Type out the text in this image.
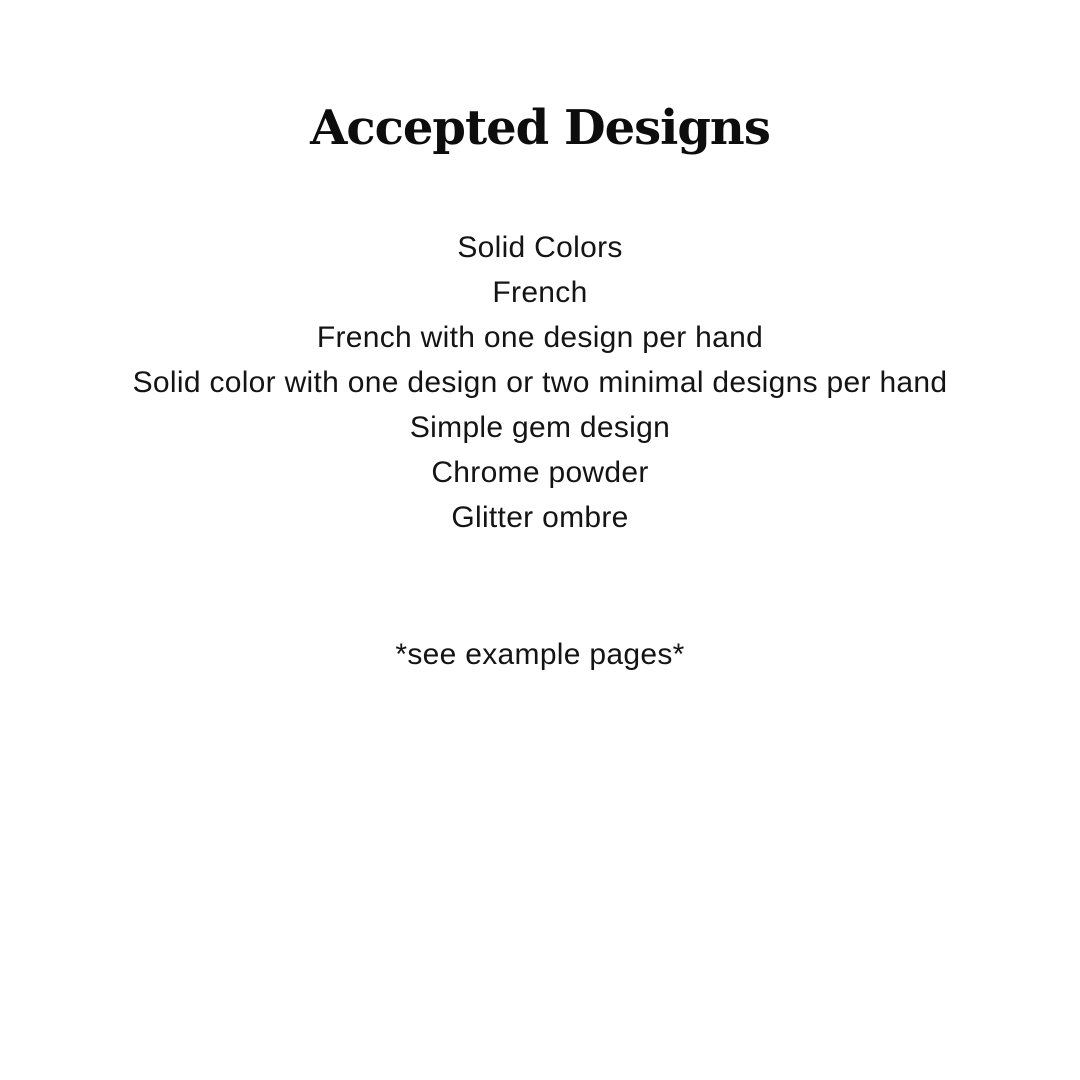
Accepted Designs
Solid Colors
French
French with one design per hand
Solid color with one design or two minimal designs per hand
Simple gem design
Chrome powder
Glitter ombre

*see example pages*
